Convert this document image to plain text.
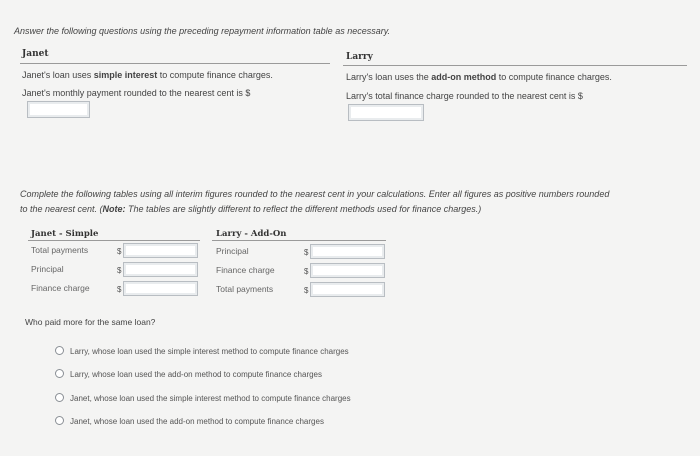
Answer the following questions using the preceding repayment information table as necessary.
Janet	Larry
Janet's loan uses simple interest to compute finance charges.
Janet's monthly payment rounded to the nearest cent is $
Larry's loan uses the add-on method to compute finance charges.
Larry's total finance charge rounded to the nearest cent is $
Complete the following tables using all interim figures rounded to the nearest cent in your calculations. Enter all figures as positive numbers rounded
to the nearest cent. (Note: The tables are slightly different to reflect the different methods used for finance charges.)
Janet - Simple
Total payments	$
Principal	$
Finance charge	$
Larry - Add-On
Principal	$
Finance charge	$
Total payments	$
Who paid more for the same loan?
Larry, whose loan used the simple interest method to compute finance charges
Larry, whose loan used the add-on method to compute finance charges
Janet, whose loan used the simple interest method to compute finance charges
Janet, whose loan used the add-on method to compute finance charges
